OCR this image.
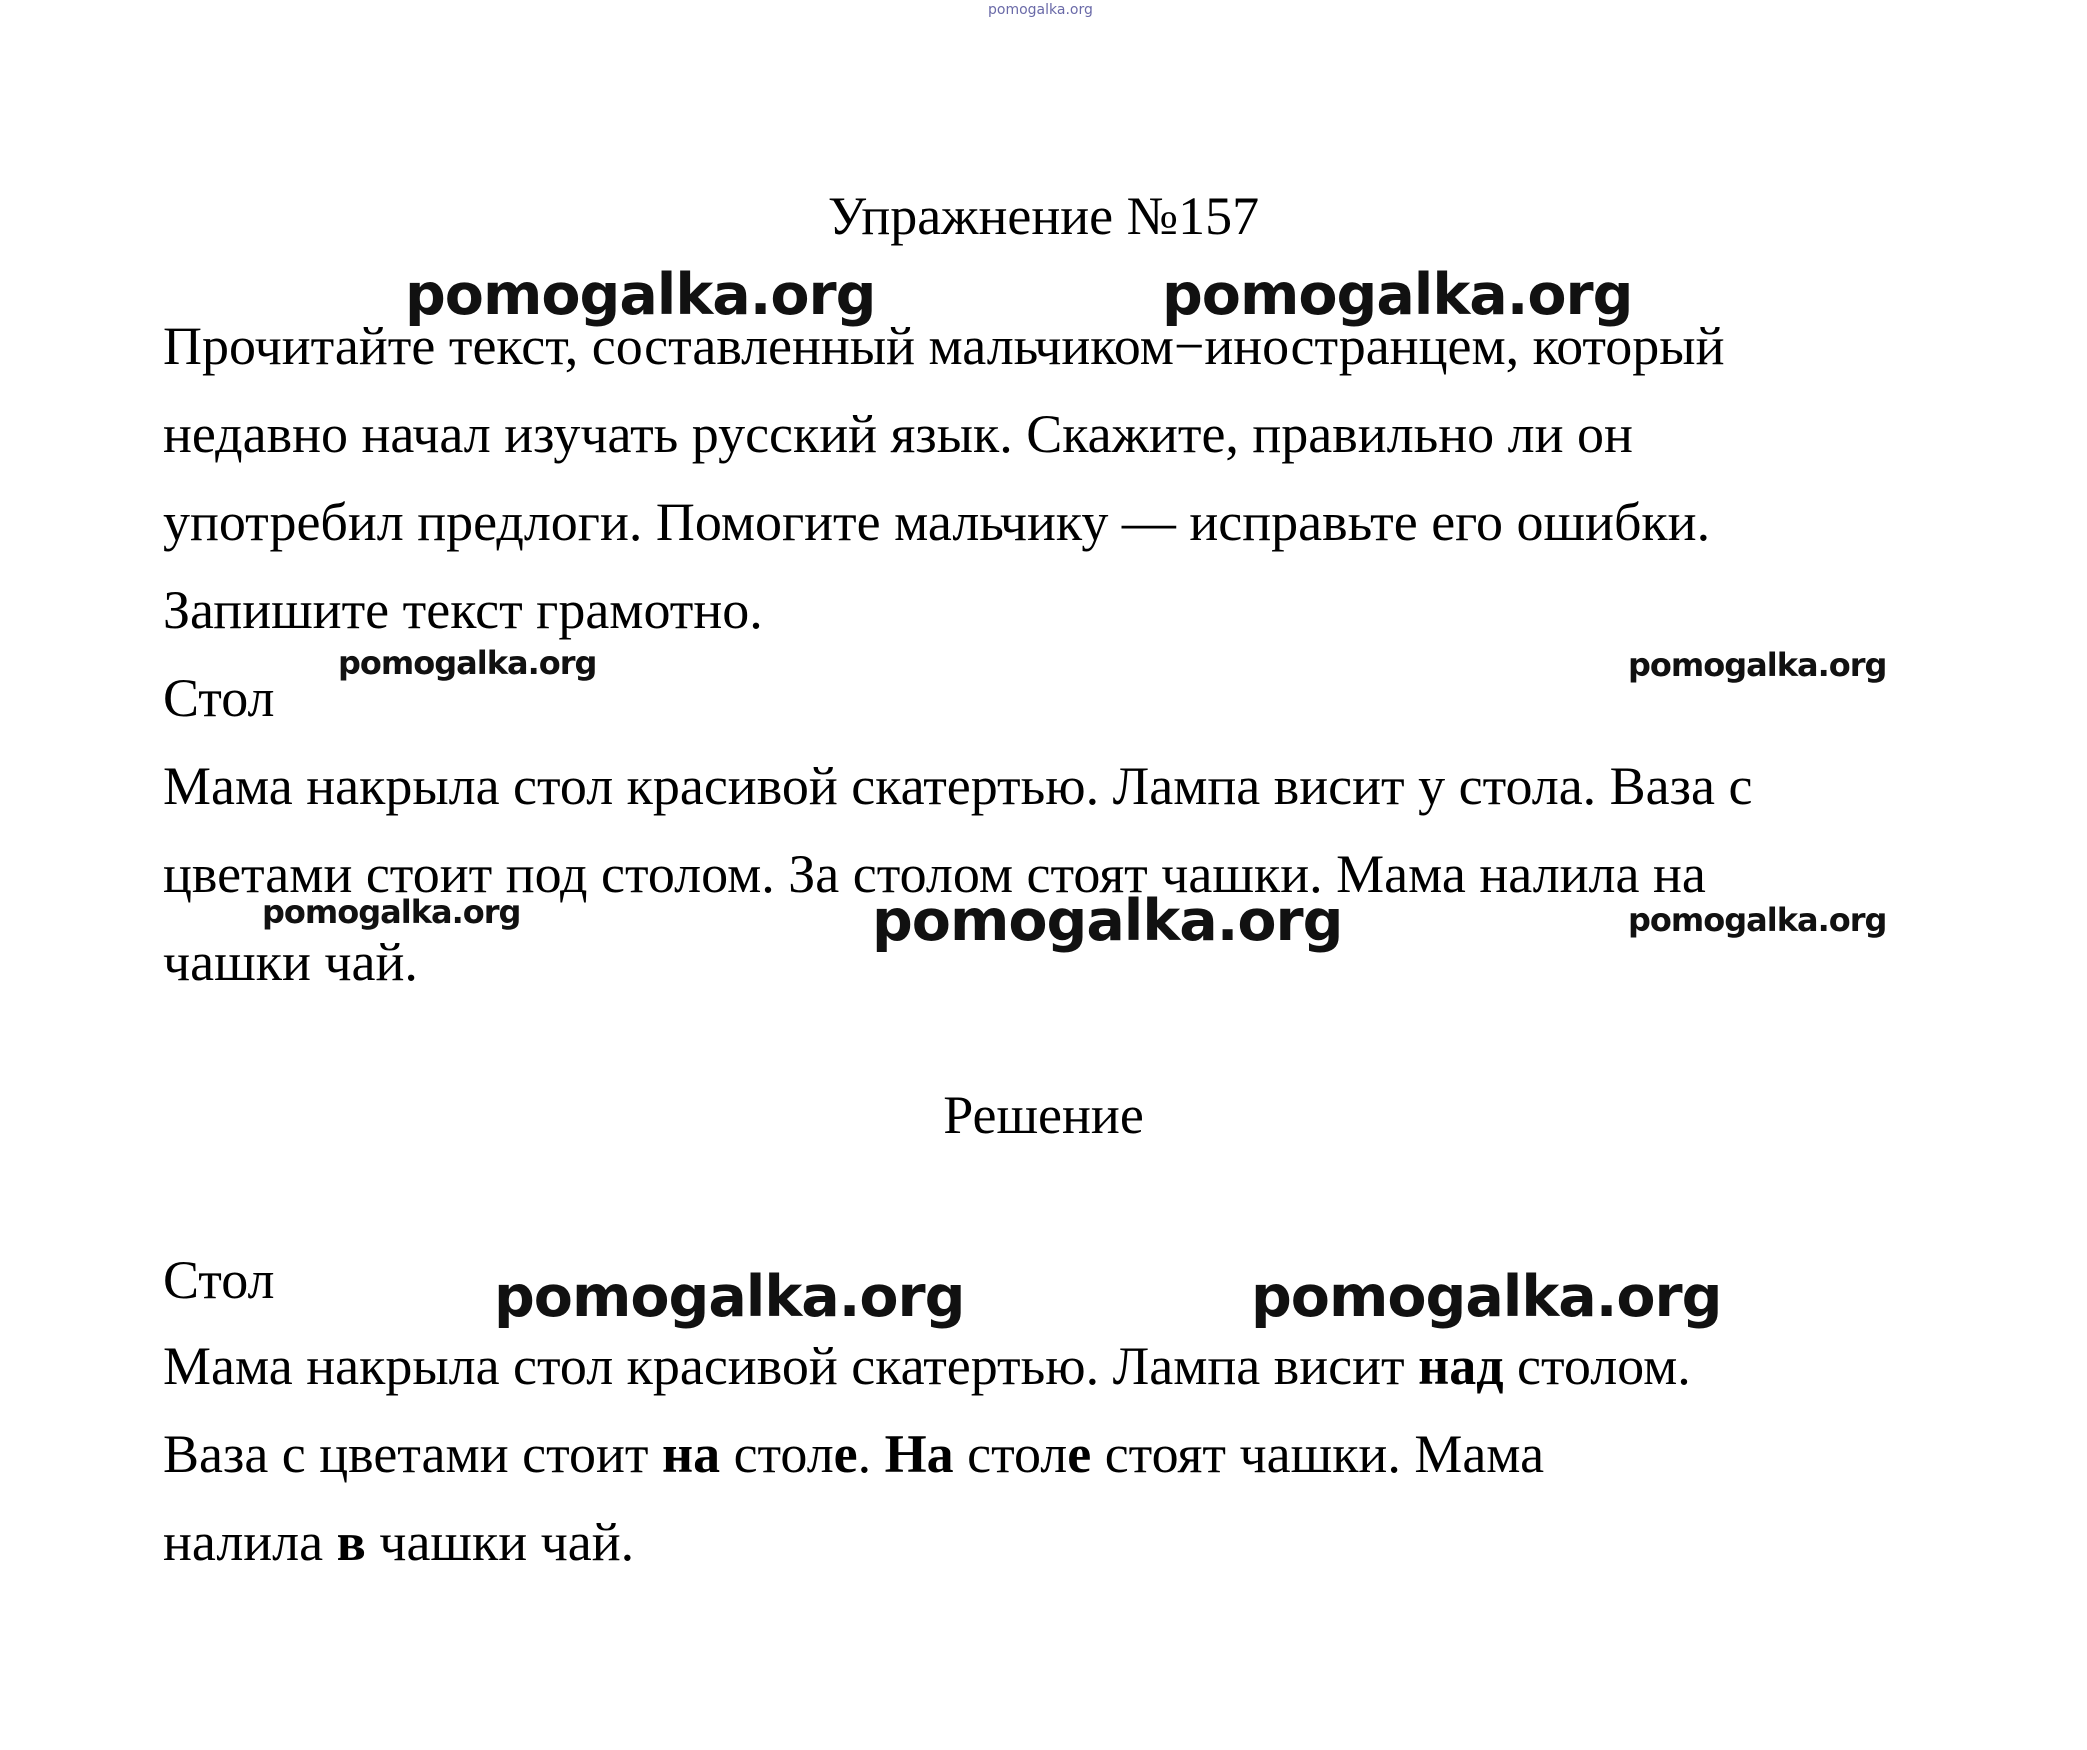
pomogalka.org
Упражнение №157
Прочитайте текст, составленный мальчиком−иностранцем, который
недавно начал изучать русский язык. Скажите, правильно ли он
употребил предлоги. Помогите мальчику — исправьте его ошибки.
Запишите текст грамотно.
Стол
Мама накрыла стол красивой скатертью. Лампа висит у стола. Ваза с
цветами стоит под столом. За столом стоят чашки. Мама налила на
чашки чай.
Решение
Стол
Мама накрыла стол красивой скатертью. Лампа висит над столом.
Ваза с цветами стоит на столе. На столе стоят чашки. Мама
налила в чашки чай.
pomogalka.org	pomogalka.org
pomogalka.org	pomogalka.org
pomogalka.org	pomogalka.org	pomogalka.org
pomogalka.org	pomogalka.org
